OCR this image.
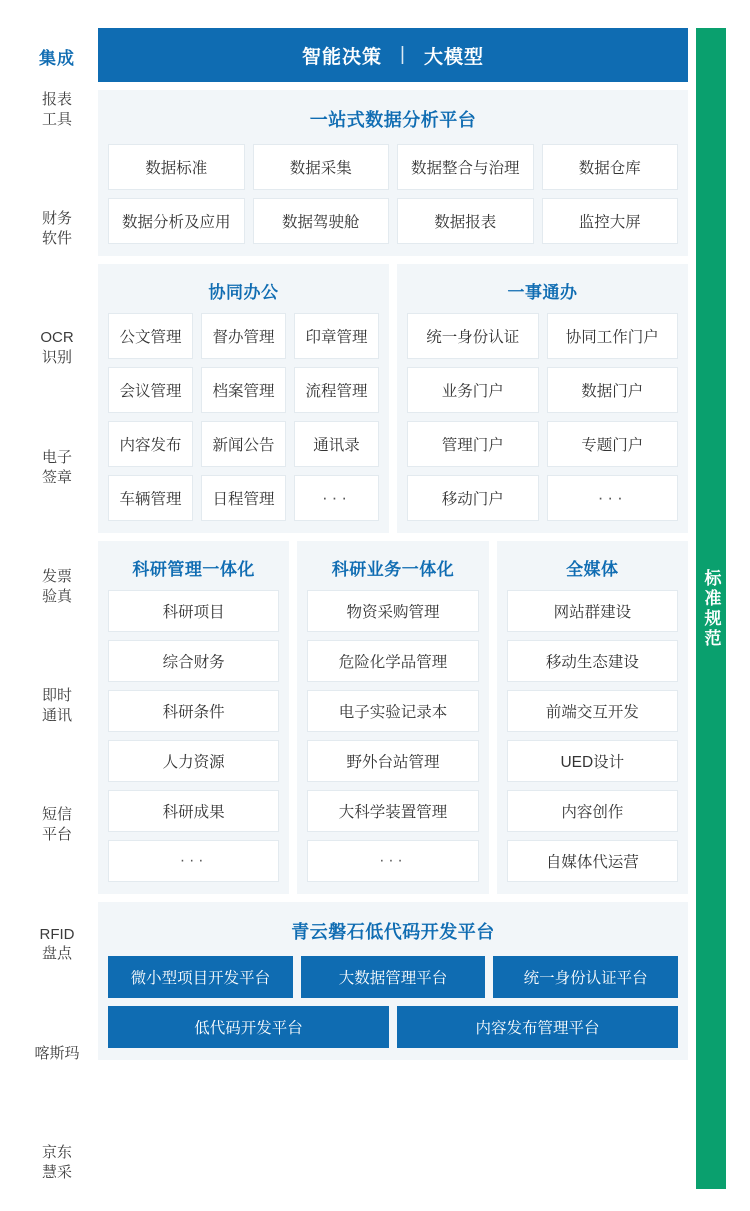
集成
报表
工具
财务
软件
OCR
识别
电子
签章
发票
验真
即时
通讯
短信
平台
RFID
盘点
喀斯玛
京东
慧采
智能决策 | 大模型
一站式数据分析平台
数据标准	数据采集	数据整合与治理	数据仓库
数据分析及应用	数据驾驶舱	数据报表	监控大屏
协同办公
公文管理	督办管理	印章管理
会议管理	档案管理	流程管理
内容发布	新闻公告	通讯录
车辆管理	日程管理	···
一事通办
统一身份认证	协同工作门户
业务门户	数据门户
管理门户	专题门户
移动门户	···
科研管理一体化
科研项目
综合财务
科研条件
人力资源
科研成果
···
科研业务一体化
物资采购管理
危险化学品管理
电子实验记录本
野外台站管理
大科学装置管理
···
全媒体
网站群建设
移动生态建设
前端交互开发
UED设计
内容创作
自媒体代运营
青云磐石低代码开发平台
微小型项目开发平台	大数据管理平台	统一身份认证平台
低代码开发平台	内容发布管理平台
标准规范
